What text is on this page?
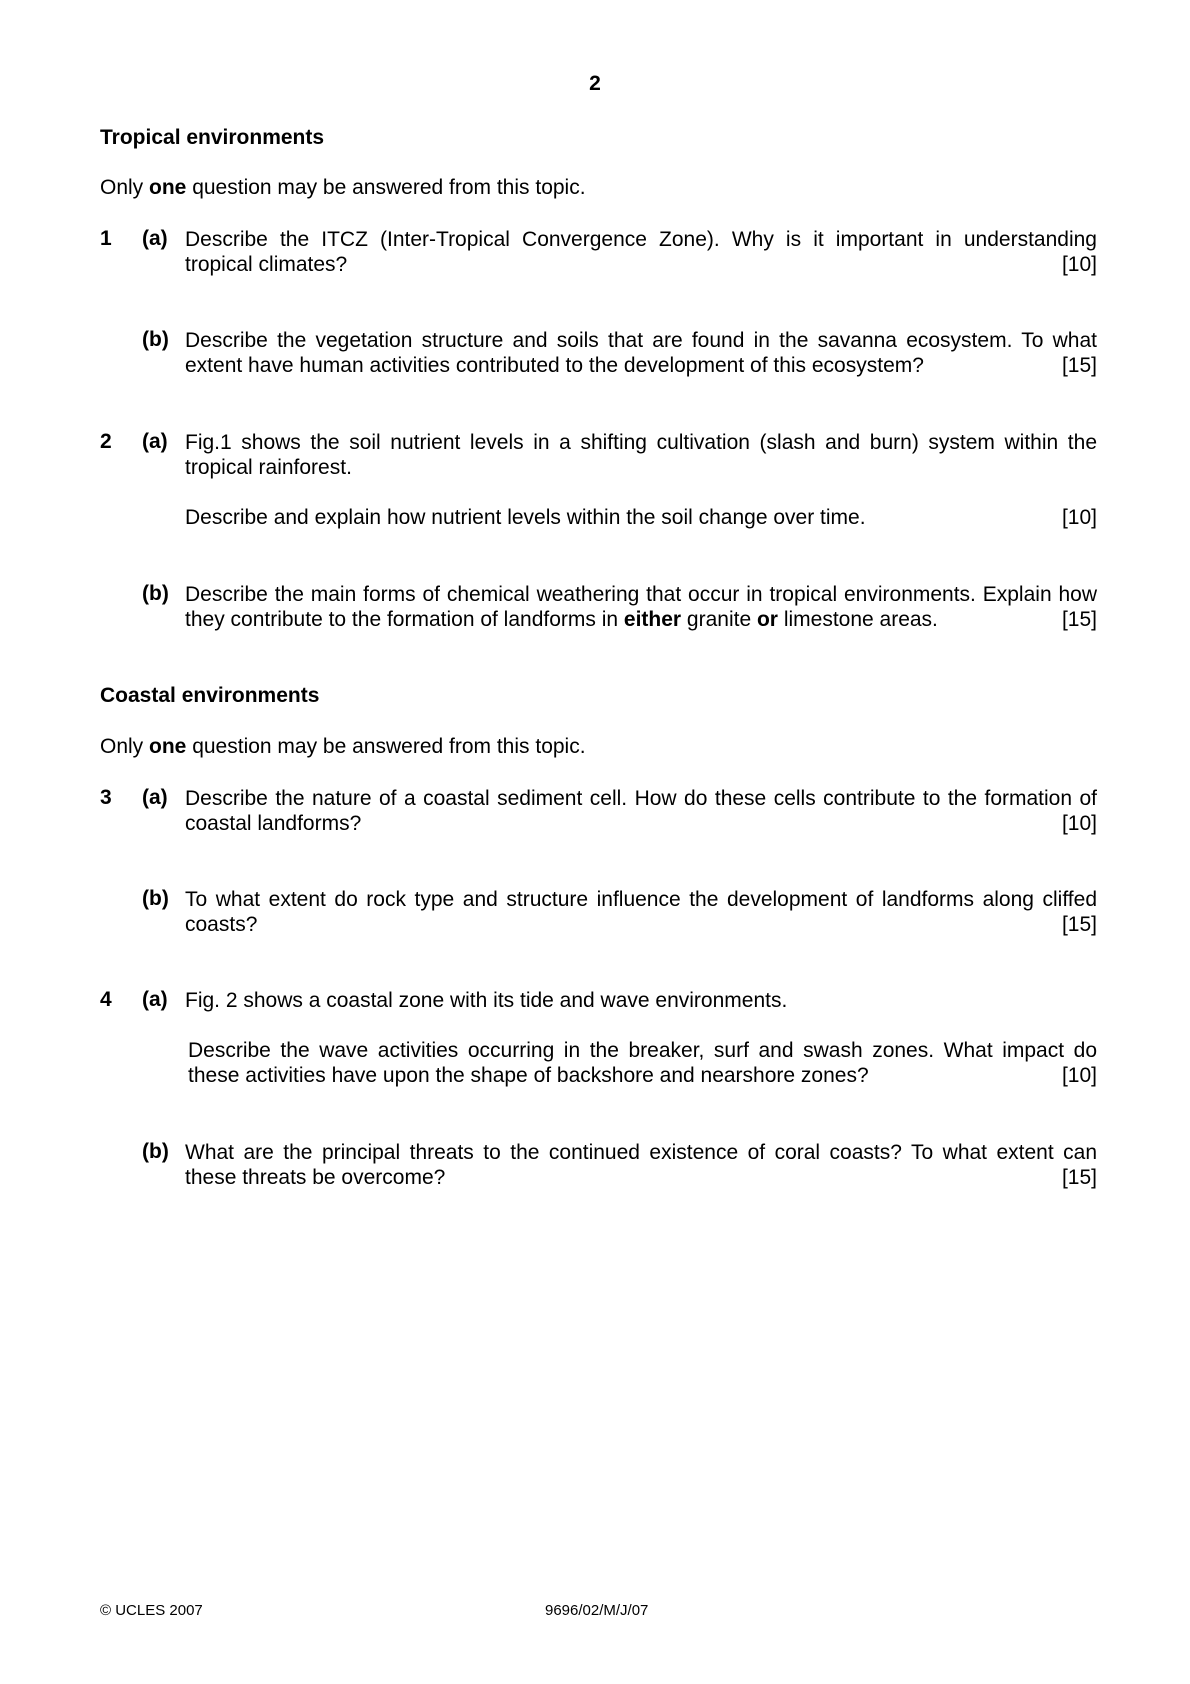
2
Tropical environments
Only one question may be answered from this topic.
1 (a) Describe the ITCZ (Inter-Tropical Convergence Zone). Why is it important in understanding tropical climates?	[10]
(b) Describe the vegetation structure and soils that are found in the savanna ecosystem. To what extent have human activities contributed to the development of this ecosystem?	[15]
2 (a) Fig.1 shows the soil nutrient levels in a shifting cultivation (slash and burn) system within the tropical rainforest.
Describe and explain how nutrient levels within the soil change over time.	[10]
(b) Describe the main forms of chemical weathering that occur in tropical environments. Explain how they contribute to the formation of landforms in either granite or limestone areas.	[15]
Coastal environments
Only one question may be answered from this topic.
3 (a) Describe the nature of a coastal sediment cell. How do these cells contribute to the formation of coastal landforms?	[10]
(b) To what extent do rock type and structure influence the development of landforms along cliffed coasts?	[15]
4 (a) Fig. 2 shows a coastal zone with its tide and wave environments.
Describe the wave activities occurring in the breaker, surf and swash zones. What impact do these activities have upon the shape of backshore and nearshore zones?	[10]
(b) What are the principal threats to the continued existence of coral coasts? To what extent can these threats be overcome?	[15]
© UCLES 2007	9696/02/M/J/07
